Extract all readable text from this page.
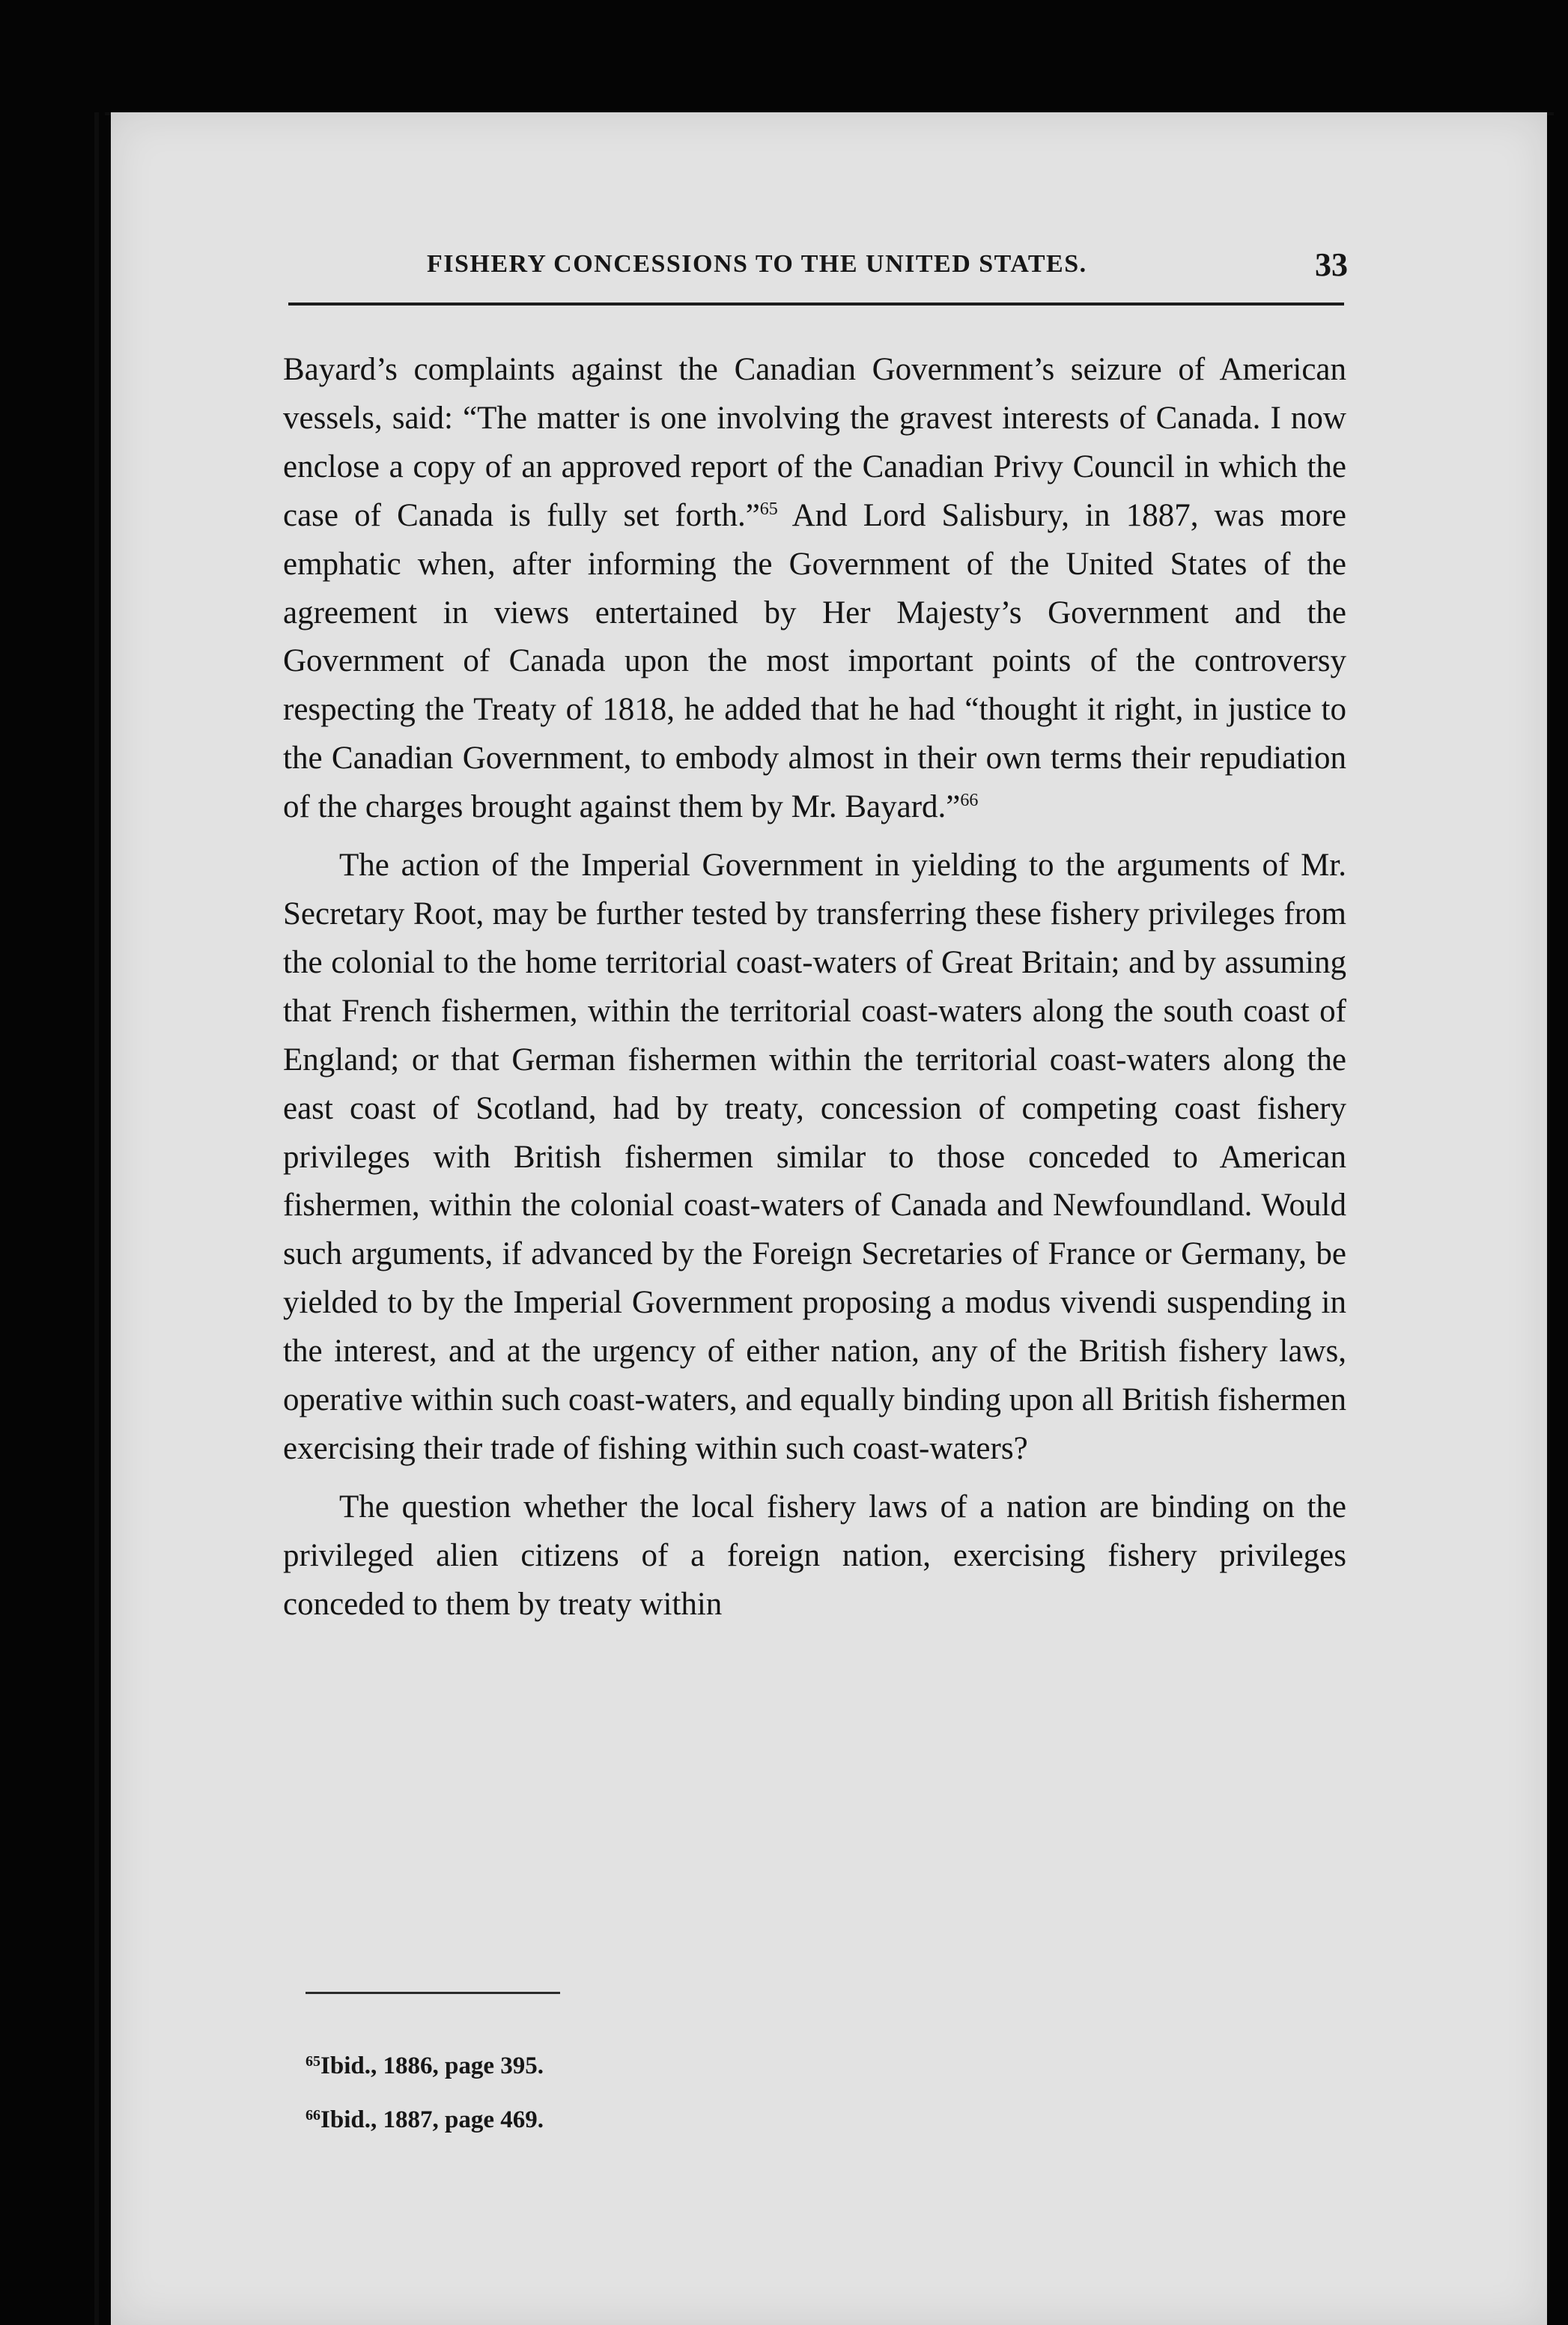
FISHERY CONCESSIONS TO THE UNITED STATES.	33

Bayard’s complaints against the Canadian Government’s seizure of American vessels, said: “The matter is one involving the gravest interests of Canada. I now enclose a copy of an approved report of the Canadian Privy Council in which the case of Canada is fully set forth.”$^{65}$ And Lord Salisbury, in 1887, was more emphatic when, after informing the Government of the United States of the agreement in views entertained by Her Majesty’s Government and the Government of Canada upon the most important points of the controversy respecting the Treaty of 1818, he added that he had “thought it right, in justice to the Canadian Government, to embody almost in their own terms their repudiation of the charges brought against them by Mr. Bayard.”$^{66}$

The action of the Imperial Government in yielding to the arguments of Mr. Secretary Root, may be further tested by transferring these fishery privileges from the colonial to the home territorial coast-waters of Great Britain; and by assuming that French fishermen, within the territorial coast-waters along the south coast of England; or that German fishermen within the territorial coast-waters along the east coast of Scotland, had by treaty, concession of competing coast fishery privileges with British fishermen similar to those conceded to American fishermen, within the colonial coast-waters of Canada and Newfoundland. Would such arguments, if advanced by the Foreign Secretaries of France or Germany, be yielded to by the Imperial Government proposing a modus vivendi suspending in the interest, and at the urgency of either nation, any of the British fishery laws, operative within such coast-waters, and equally binding upon all British fishermen exercising their trade of fishing within such coast-waters?

The question whether the local fishery laws of a nation are binding on the privileged alien citizens of a foreign nation, exercising fishery privileges conceded to them by treaty within

$^{65}$Ibid., 1886, page 395.
$^{66}$Ibid., 1887, page 469.
